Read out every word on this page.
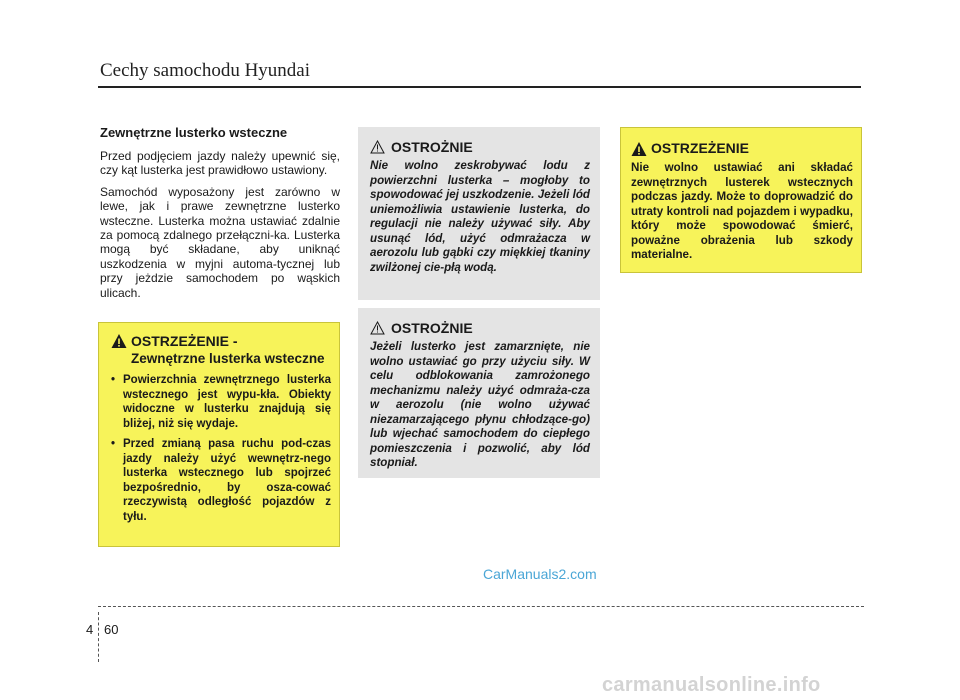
Cechy samochodu Hyundai

Zewnętrzne lusterko wsteczne

Przed podjęciem jazdy należy upewnić się, czy kąt lusterka jest prawidłowo ustawiony.

Samochód wyposażony jest zarówno w lewe, jak i prawe zewnętrzne lusterko wsteczne. Lusterka można ustawiać zdalnie za pomocą zdalnego przełączni-ka. Lusterka mogą być składane, aby uniknąć uszkodzenia w myjni automa-tycznej lub przy jeżdzie samochodem po wąskich ulicach.

OSTRZEŻENIE -
Zewnętrzne lusterka wsteczne
• Powierzchnia zewnętrznego lusterka wstecznego jest wypu-kła. Obiekty widoczne w lusterku znajdują się bliżej, niż się wydaje.
• Przed zmianą pasa ruchu pod-czas jazdy należy użyć wewnętrz-nego lusterka wstecznego lub spojrzeć bezpośrednio, by osza-cować rzeczywistą odległość pojazdów z tyłu.
OSTROŻNIE

Nie wolno zeskrobywać lodu z powierzchni lusterka – mogłoby to spowodować jej uszkodzenie. Jeżeli lód uniemożliwia ustawienie lusterka, do regulacji nie należy używać siły. Aby usunąć lód, użyć odmrażacza w aerozolu lub gąbki czy miękkiej tkaniny zwilżonej cie-płą wodą.

OSTROŻNIE

Jeżeli lusterko jest zamarznięte, nie wolno ustawiać go przy użyciu siły. W celu odblokowania zamrożonego mechanizmu należy użyć odmraża-cza w aerozolu (nie wolno używać niezamarzającego płynu chłodzące-go) lub wjechać samochodem do ciepłego pomieszczenia i pozwolić, aby lód stopniał.

OSTRZEŻENIE

Nie wolno ustawiać ani składać zewnętrznych lusterek wstecznych podczas jazdy. Może to doprowadzić do utraty kontroli nad pojazdem i wypadku, który może spowodować śmierć, poważne obrażenia lub szkody materialne.

CarManuals2.com
4 60
carmanualsonline.info
